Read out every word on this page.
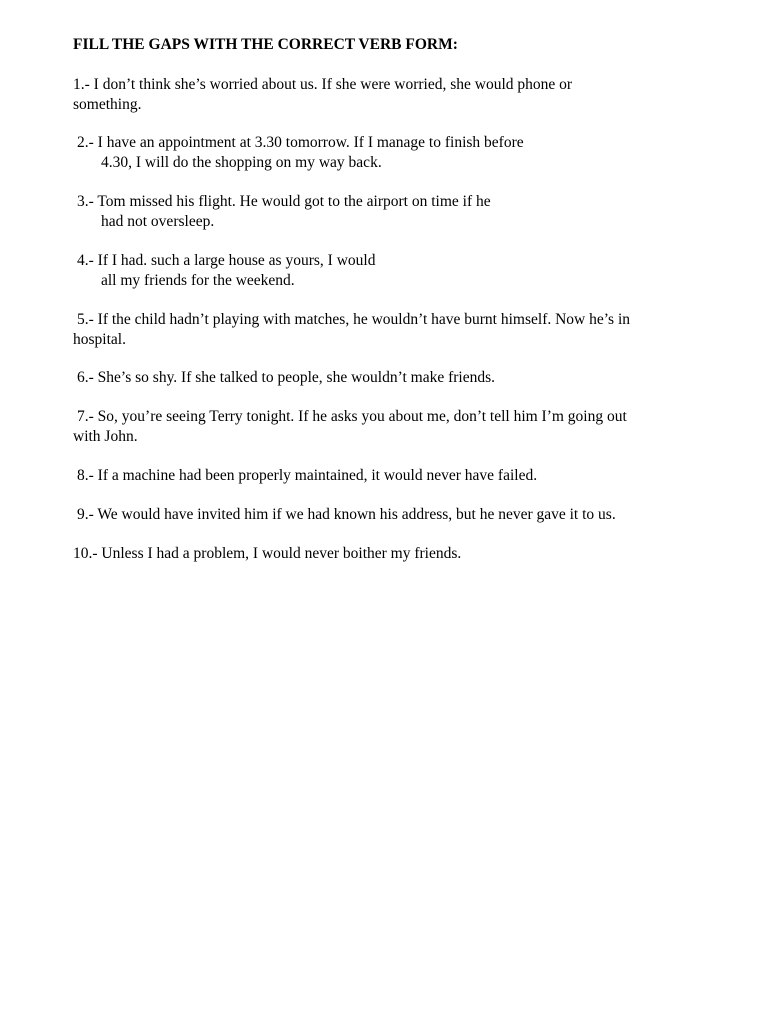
FILL THE GAPS WITH THE CORRECT VERB FORM:
1.- I don’t think she’s worried about us. If she were worried, she would phone or
something.
2.- I have an appointment at 3.30 tomorrow. If I manage to finish before
4.30, I will do the shopping on my way back.
3.- Tom missed his flight. He would got to the airport on time if he
had not oversleep.
4.- If I had. such a large house as yours, I would
all my friends for the weekend.
5.- If the child hadn’t playing with matches, he wouldn’t have burnt himself. Now he’s in
hospital.
6.- She’s so shy. If she talked to people, she wouldn’t make friends.
7.- So, you’re seeing Terry tonight. If he asks you about me, don’t tell him I’m going out
with John.
8.- If a machine had been properly maintained, it would never have failed.
9.- We would have invited him if we had known his address, but he never gave it to us.
10.- Unless I had a problem, I would never boither my friends.
